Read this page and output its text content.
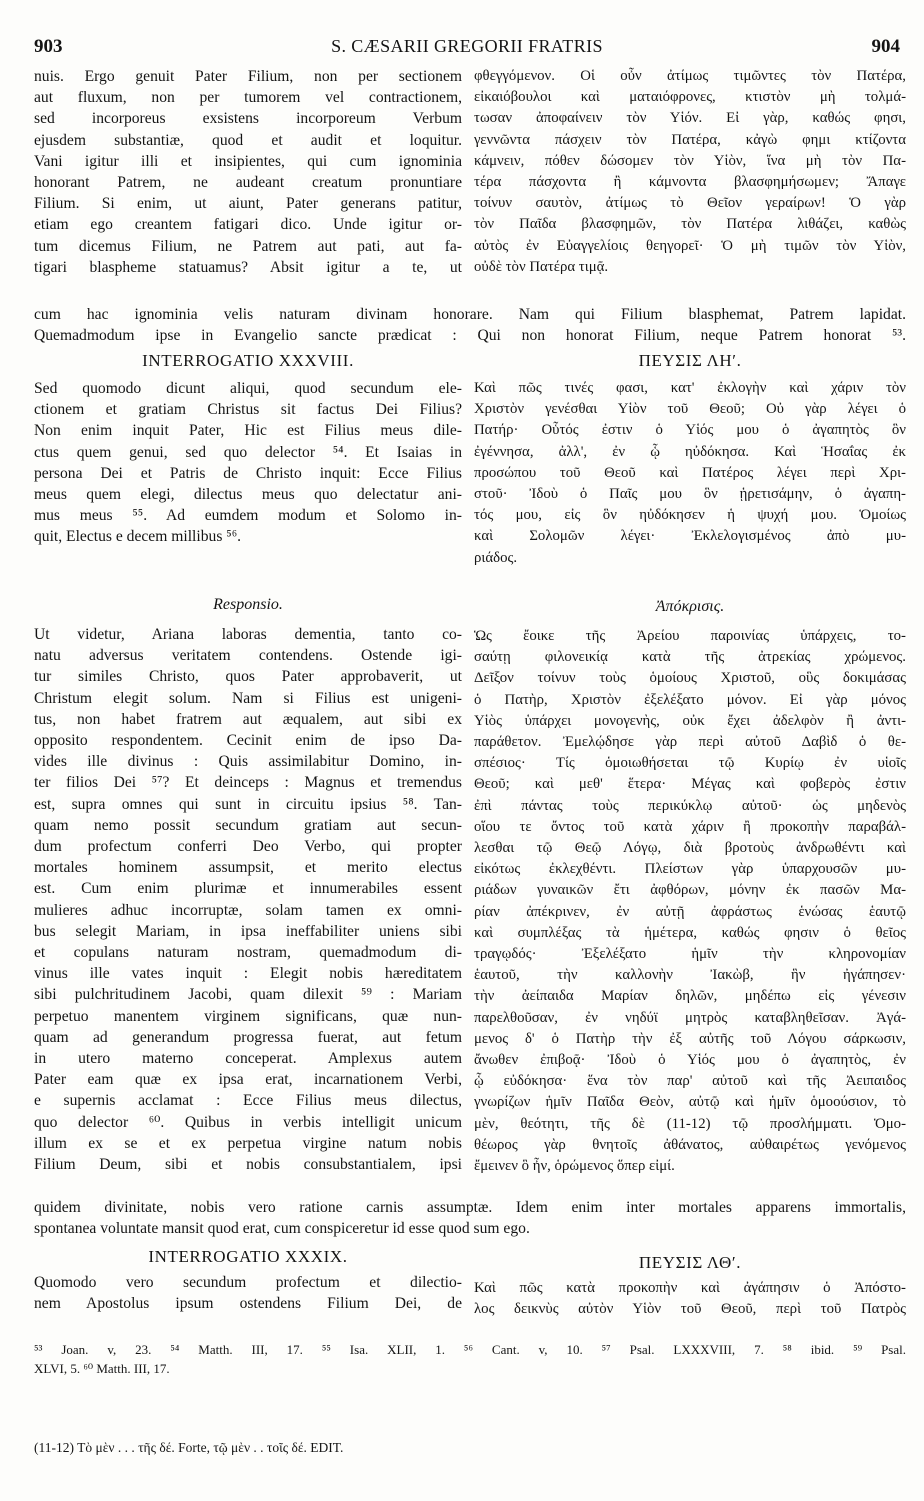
903	S. CÆSARII GREGORII FRATRIS	904
nuis. Ergo genuit Pater Filium, non per sectionem
aut fluxum, non per tumorem vel contractionem,
sed incorporeus exsistens incorporeum Verbum
ejusdem substantiæ, quod et audit et loquitur.
Vani igitur illi et insipientes, qui cum ignominia
honorant Patrem, ne audeant creatum pronuntiare
Filium. Si enim, ut aiunt, Pater generans patitur,
etiam ego creantem fatigari dico. Unde igitur or-
tum dicemus Filium, ne Patrem aut pati, aut fa-
tigari blaspheme statuamus? Absit igitur a te, ut
φθεγγόμενον. Οἱ οὖν ἀτίμως τιμῶντες τὸν Πατέρα,
εἰκαιόβουλοι καὶ ματαιόφρονες, κτιστὸν μὴ τολμά-
τωσαν ἀποφαίνειν τὸν Υἱόν. Εἰ γὰρ, καθώς φησι,
γεννῶντα πάσχειν τὸν Πατέρα, κἀγὼ φημι κτίζοντα
κάμνειν, πόθεν δώσομεν τὸν Υἱὸν, ἵνα μὴ τὸν Πα-
τέρα πάσχοντα ἢ κάμνοντα βλασφημήσωμεν; Ἄπαγε
τοίνυν σαυτὸν, ἀτίμως τὸ Θεῖον γεραίρων! Ὁ γὰρ
τὸν Παῖδα βλασφημῶν, τὸν Πατέρα λιθάζει, καθὼς
αὐτὸς ἐν Εὐαγγελίοις θεηγορεῖ· Ὁ μὴ τιμῶν τὸν Υἱὸν,
οὐδὲ τὸν Πατέρα τιμᾷ.
cum hac ignominia velis naturam divinam honorare. Nam qui Filium blasphemat, Patrem lapidat.
Quemadmodum ipse in Evangelio sancte prædicat : Qui non honorat Filium, neque Patrem honorat ⁵³.
INTERROGATIO XXXVIII.	ΠΕΥΣΙΣ ΛΗʹ.
Sed quomodo dicunt aliqui, quod secundum ele-
ctionem et gratiam Christus sit factus Dei Filius?
Non enim inquit Pater, Hic est Filius meus dile-
ctus quem genui, sed quo delector ⁵⁴. Et Isaias in
persona Dei et Patris de Christo inquit: Ecce Filius
meus quem elegi, dilectus meus quo delectatur ani-
mus meus ⁵⁵. Ad eumdem modum et Solomo in-
quit, Electus e decem millibus ⁵⁶.
Καὶ πῶς τινές φασι, κατ' ἐκλογὴν καὶ χάριν τὸν
Χριστὸν γενέσθαι Υἱὸν τοῦ Θεοῦ; Οὐ γὰρ λέγει ὁ
Πατήρ· Οὗτός ἐστιν ὁ Υἱός μου ὁ ἀγαπητὸς ὃν
ἐγέννησα, ἀλλ', ἐν ᾧ ηὐδόκησα. Καὶ Ἡσαΐας ἐκ
προσώπου τοῦ Θεοῦ καὶ Πατέρος λέγει περὶ Χρι-
στοῦ· Ἰδοὺ ὁ Παῖς μου ὃν ᾑρετισάμην, ὁ ἀγαπη-
τός μου, εἰς ὃν ηὐδόκησεν ἡ ψυχή μου. Ὁμοίως
καὶ Σολομῶν λέγει· Ἐκλελογισμένος ἀπὸ μυ-
ριάδος.
Responsio.	Ἀπόκρισις.
Ut videtur, Ariana laboras dementia, tanto co-
natu adversus veritatem contendens. Ostende igi-
tur similes Christo, quos Pater approbaverit, ut
Christum elegit solum. Nam si Filius est unigeni-
tus, non habet fratrem aut æqualem, aut sibi ex
opposito respondentem. Cecinit enim de ipso Da-
vides ille divinus : Quis assimilabitur Domino, in-
ter filios Dei ⁵⁷? Et deinceps : Magnus et tremendus
est, supra omnes qui sunt in circuitu ipsius ⁵⁸. Tan-
quam nemo possit secundum gratiam aut secun-
dum profectum conferri Deo Verbo, qui propter
mortales hominem assumpsit, et merito electus
est. Cum enim plurimæ et innumerabiles essent
mulieres adhuc incorruptæ, solam tamen ex omni-
bus selegit Mariam, in ipsa ineffabiliter uniens sibi
et copulans naturam nostram, quemadmodum di-
vinus ille vates inquit : Elegit nobis hæreditatem
sibi pulchritudinem Jacobi, quam dilexit ⁵⁹ : Mariam
perpetuo manentem virginem significans, quæ nun-
quam ad generandum progressa fuerat, aut fetum
in utero materno conceperat. Amplexus autem
Pater eam quæ ex ipsa erat, incarnationem Verbi,
e supernis acclamat : Ecce Filius meus dilectus,
quo delector ⁶⁰. Quibus in verbis intelligit unicum
illum ex se et ex perpetua virgine natum nobis
Filium Deum, sibi et nobis consubstantialem, ipsi
Ὡς ἔοικε τῆς Ἀρείου παροινίας ὑπάρχεις, το-
σαύτῃ φιλονεικίᾳ κατὰ τῆς ἀτρεκίας χρώμενος.
Δεῖξον τοίνυν τοὺς ὁμοίους Χριστοῦ, οὓς δοκιμάσας
ὁ Πατὴρ, Χριστὸν ἐξελέξατο μόνον. Εἰ γὰρ μόνος
Υἱὸς ὑπάρχει μονογενὴς, οὐκ ἔχει ἀδελφὸν ἢ ἀντι-
παράθετον. Ἐμελῴδησε γὰρ περὶ αὐτοῦ Δαβὶδ ὁ θε-
σπέσιος· Τίς ὁμοιωθήσεται τῷ Κυρίῳ ἐν υἱοῖς
Θεοῦ; καὶ μεθ' ἕτερα· Μέγας καὶ φοβερὸς ἐστιν
ἐπὶ πάντας τοὺς περικύκλῳ αὐτοῦ· ὡς μηδενὸς
οἵου τε ὄντος τοῦ κατὰ χάριν ἢ προκοπὴν παραβάλ-
λεσθαι τῷ Θεῷ Λόγῳ, διὰ βροτοὺς ἀνδρωθέντι καὶ
εἰκότως ἐκλεχθέντι. Πλείστων γὰρ ὑπαρχουσῶν μυ-
ριάδων γυναικῶν ἔτι ἀφθόρων, μόνην ἐκ πασῶν Μα-
ρίαν ἀπέκρινεν, ἐν αὐτῇ ἀφράστως ἑνώσας ἑαυτῷ
καὶ συμπλέξας τὰ ἡμέτερα, καθώς φησιν ὁ θεῖος
τραγῳδός· Ἐξελέξατο ἡμῖν τὴν κληρονομίαν
ἑαυτοῦ, τὴν καλλονὴν Ἰακὼβ, ἣν ἠγάπησεν·
τὴν ἀείπαιδα Μαρίαν δηλῶν, μηδέπω εἰς γένεσιν
παρελθοῦσαν, ἐν νηδύϊ μητρὸς καταβληθεῖσαν. Ἀγά-
μενος δ' ὁ Πατὴρ τὴν ἐξ αὐτῆς τοῦ Λόγου σάρκωσιν,
ἄνωθεν ἐπιβοᾷ· Ἰδοὺ ὁ Υἱός μου ὁ ἀγαπητὸς, ἐν
ᾧ εὐδόκησα· ἕνα τὸν παρ' αὐτοῦ καὶ τῆς Ἀειπαιδος
γνωρίζων ἡμῖν Παῖδα Θεὸν, αὐτῷ καὶ ἡμῖν ὁμοούσιον, τὸ
μὲν, θεότητι, τῆς δὲ (11-12) τῷ προσλήμματι. Ὁμο-
θέωρος γὰρ θνητοῖς ἀθάνατος, αὐθαιρέτως γενόμενος
ἔμεινεν ὃ ἦν, ὁρώμενος ὅπερ εἰμί.
quidem divinitate, nobis vero ratione carnis assumptæ. Idem enim inter mortales apparens immortalis,
spontanea voluntate mansit quod erat, cum conspiceretur id esse quod sum ego.
INTERROGATIO XXXIX.	ΠΕΥΣΙΣ ΛΘʹ.
Quomodo vero secundum profectum et dilectio-
nem Apostolus ipsum ostendens Filium Dei, de
Καὶ πῶς κατὰ προκοπὴν καὶ ἀγάπησιν ὁ Ἀπόστο-
λος δεικνὺς αὐτὸν Υἱὸν τοῦ Θεοῦ, περὶ τοῦ Πατρὸς
⁵³ Joan. v, 23. ⁵⁴ Matth. III, 17. ⁵⁵ Isa. XLII, 1. ⁵⁶ Cant. v, 10. ⁵⁷ Psal. LXXXVIII, 7. ⁵⁸ ibid. ⁵⁹ Psal.
XLVI, 5. ⁶⁰ Matth. III, 17.
(11-12) Τὸ μὲν . . . τῆς δέ. Forte, τῷ μὲν . . τοῖς δέ. EDIT.
